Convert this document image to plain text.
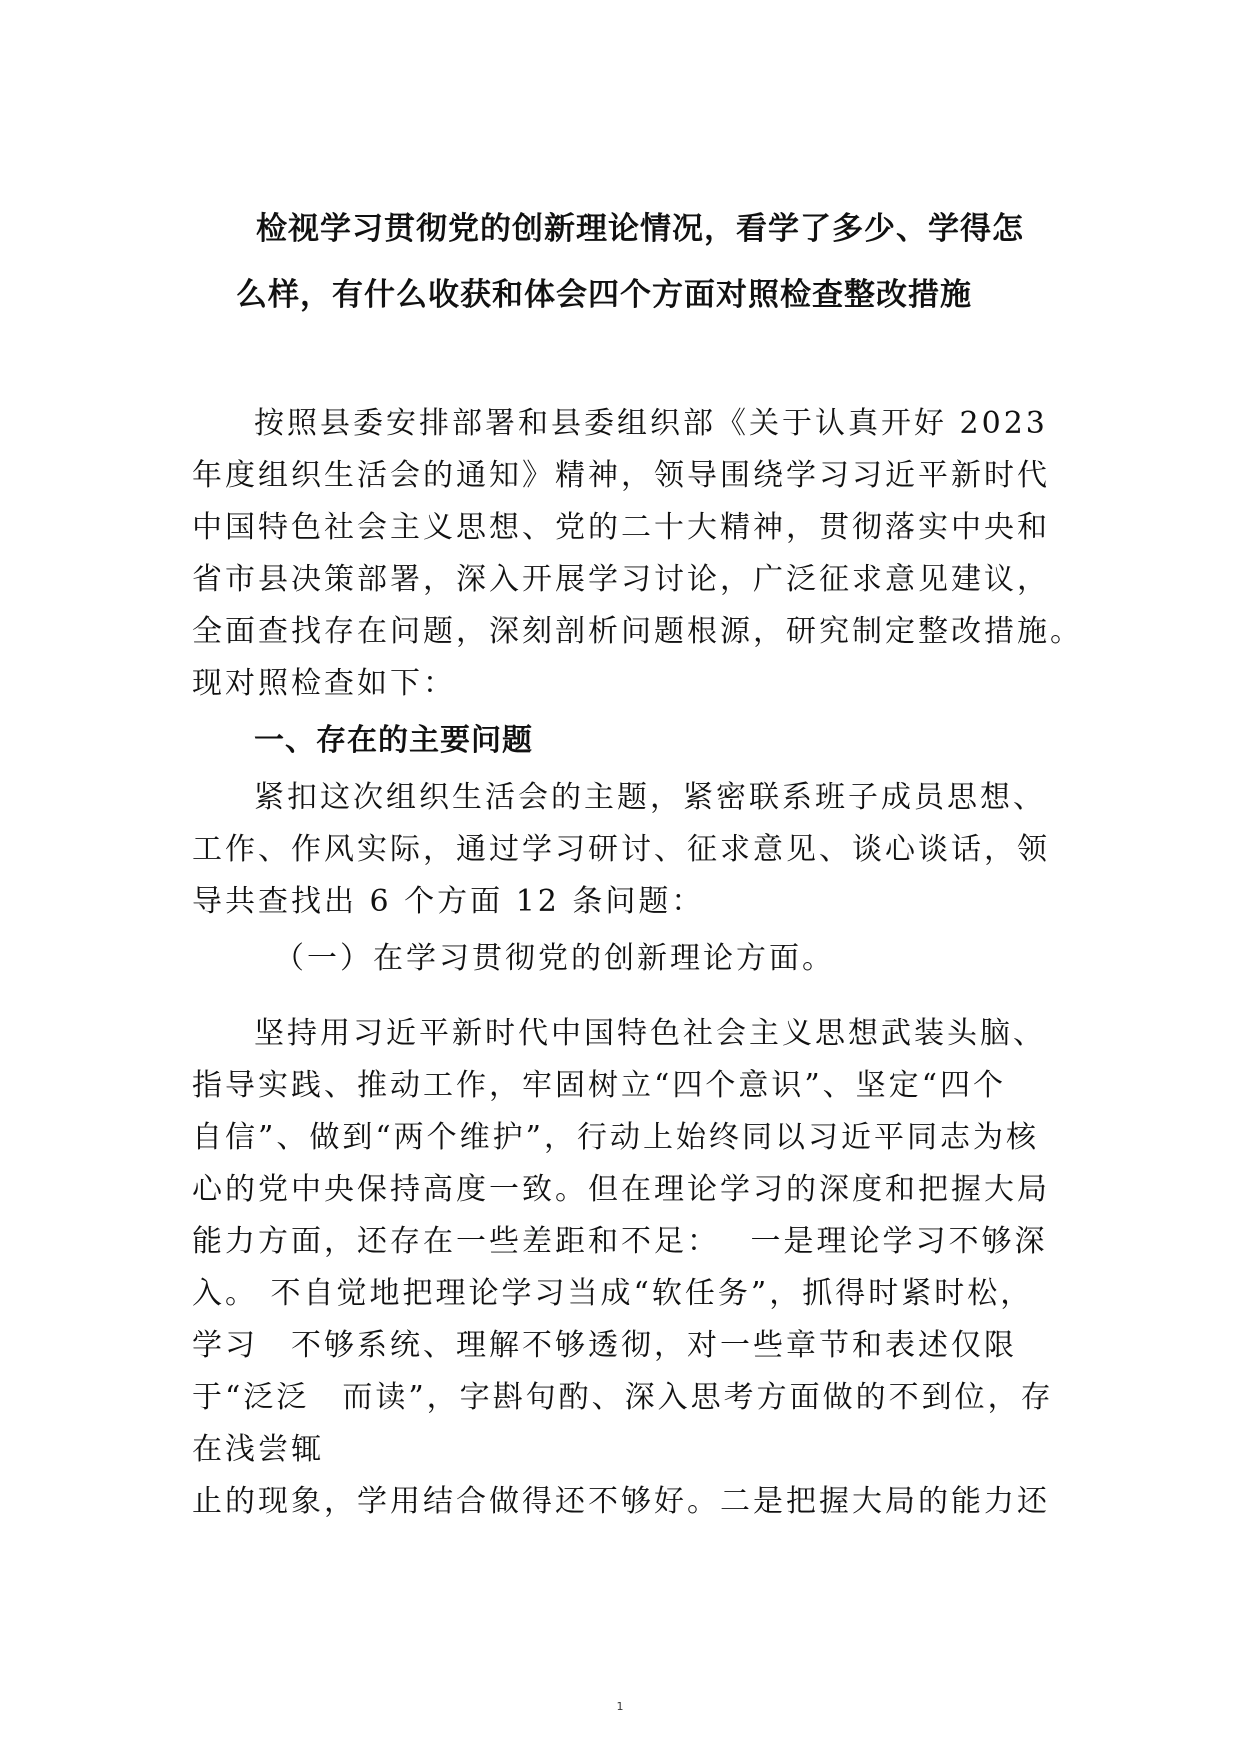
检视学习贯彻党的创新理论情况，看学了多少、学得怎
么样，有什么收获和体会四个方面对照检查整改措施
按照县委安排部署和县委组织部《关于认真开好 2023
年度组织生活会的通知》精神，领导围绕学习习近平新时代
中国特色社会主义思想、党的二十大精神，贯彻落实中央和
省市县决策部署，深入开展学习讨论，广泛征求意见建议，
全面查找存在问题，深刻剖析问题根源，研究制定整改措施。
现对照检查如下：
一、存在的主要问题
紧扣这次组织生活会的主题，紧密联系班子成员思想、
工作、作风实际，通过学习研讨、征求意见、谈心谈话，领
导共查找出 6 个方面 12 条问题：
（一）在学习贯彻党的创新理论方面。
坚持用习近平新时代中国特色社会主义思想武装头脑、
指导实践、推动工作，牢固树立“四个意识”、坚定“四个
自信”、做到“两个维护”，行动上始终同以习近平同志为核
心的党中央保持高度一致。但在理论学习的深度和把握大局
能力方面，还存在一些差距和不足：　 一是理论学习不够深
入。 不自觉地把理论学习当成“软任务”，抓得时紧时松，
学习　不够系统、理解不够透彻，对一些章节和表述仅限
于“泛泛　而读”，字斟句酌、深入思考方面做的不到位，存
在浅尝辄
止的现象，学用结合做得还不够好。二是把握大局的能力还
1
